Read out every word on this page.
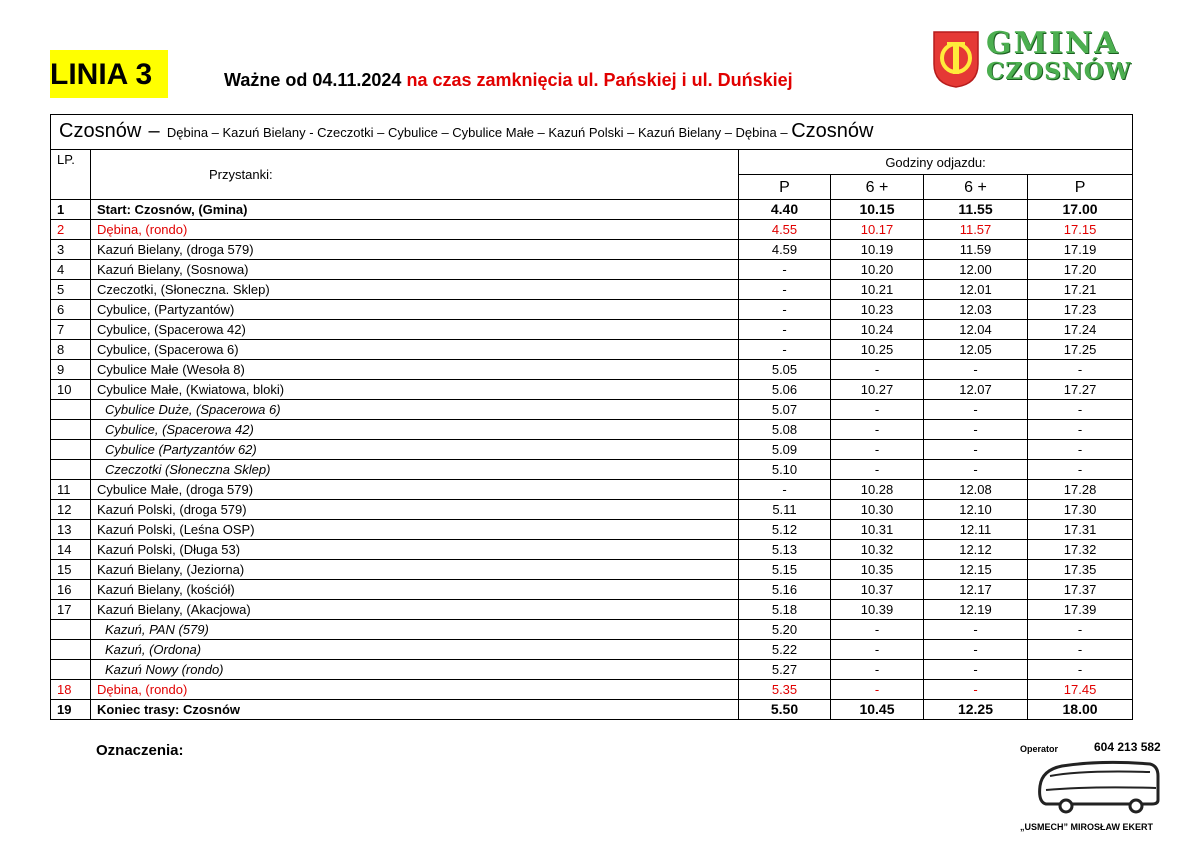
LINIA 3	Ważne od 04.11.2024 na czas zamknięcia ul. Pańskiej i ul. Duńskiej
GMINA
CZOSNÓW
Czosnów – Dębina – Kazuń Bielany - Czeczotki – Cybulice – Cybulice Małe – Kazuń Polski – Kazuń Bielany – Dębina – Czosnów					
LP.	Przystanki:	Godziny odjazdu:			
		P	6 +	6 +	P
1	Start: Czosnów, (Gmina)	4.40	10.15	11.55	17.00
2	Dębina, (rondo)	4.55	10.17	11.57	17.15
3	Kazuń Bielany, (droga 579)	4.59	10.19	11.59	17.19
4	Kazuń Bielany, (Sosnowa)	-	10.20	12.00	17.20
5	Czeczotki, (Słoneczna. Sklep)	-	10.21	12.01	17.21
6	Cybulice, (Partyzantów)	-	10.23	12.03	17.23
7	Cybulice, (Spacerowa 42)	-	10.24	12.04	17.24
8	Cybulice, (Spacerowa 6)	-	10.25	12.05	17.25
9	Cybulice Małe (Wesoła 8)	5.05	-	-	-
10	Cybulice Małe, (Kwiatowa, bloki)	5.06	10.27	12.07	17.27
	Cybulice Duże, (Spacerowa 6)	5.07	-	-	-
	Cybulice, (Spacerowa 42)	5.08	-	-	-
	Cybulice (Partyzantów 62)	5.09	-	-	-
	Czeczotki (Słoneczna Sklep)	5.10	-	-	-
11	Cybulice Małe, (droga 579)	-	10.28	12.08	17.28
12	Kazuń Polski, (droga 579)	5.11	10.30	12.10	17.30
13	Kazuń Polski, (Leśna OSP)	5.12	10.31	12.11	17.31
14	Kazuń Polski, (Długa 53)	5.13	10.32	12.12	17.32
15	Kazuń Bielany, (Jeziorna)	5.15	10.35	12.15	17.35
16	Kazuń Bielany, (kościół)	5.16	10.37	12.17	17.37
17	Kazuń Bielany, (Akacjowa)	5.18	10.39	12.19	17.39
	Kazuń, PAN (579)	5.20	-	-	-
	Kazuń, (Ordona)	5.22	-	-	-
	Kazuń Nowy (rondo)	5.27	-	-	-
18	Dębina, (rondo)	5.35	-	-	17.45
19	Koniec trasy: Czosnów	5.50	10.45	12.25	18.00
Oznaczenia:	Operator	604 213 582
„USMECH” MIROSŁAW EKERT
